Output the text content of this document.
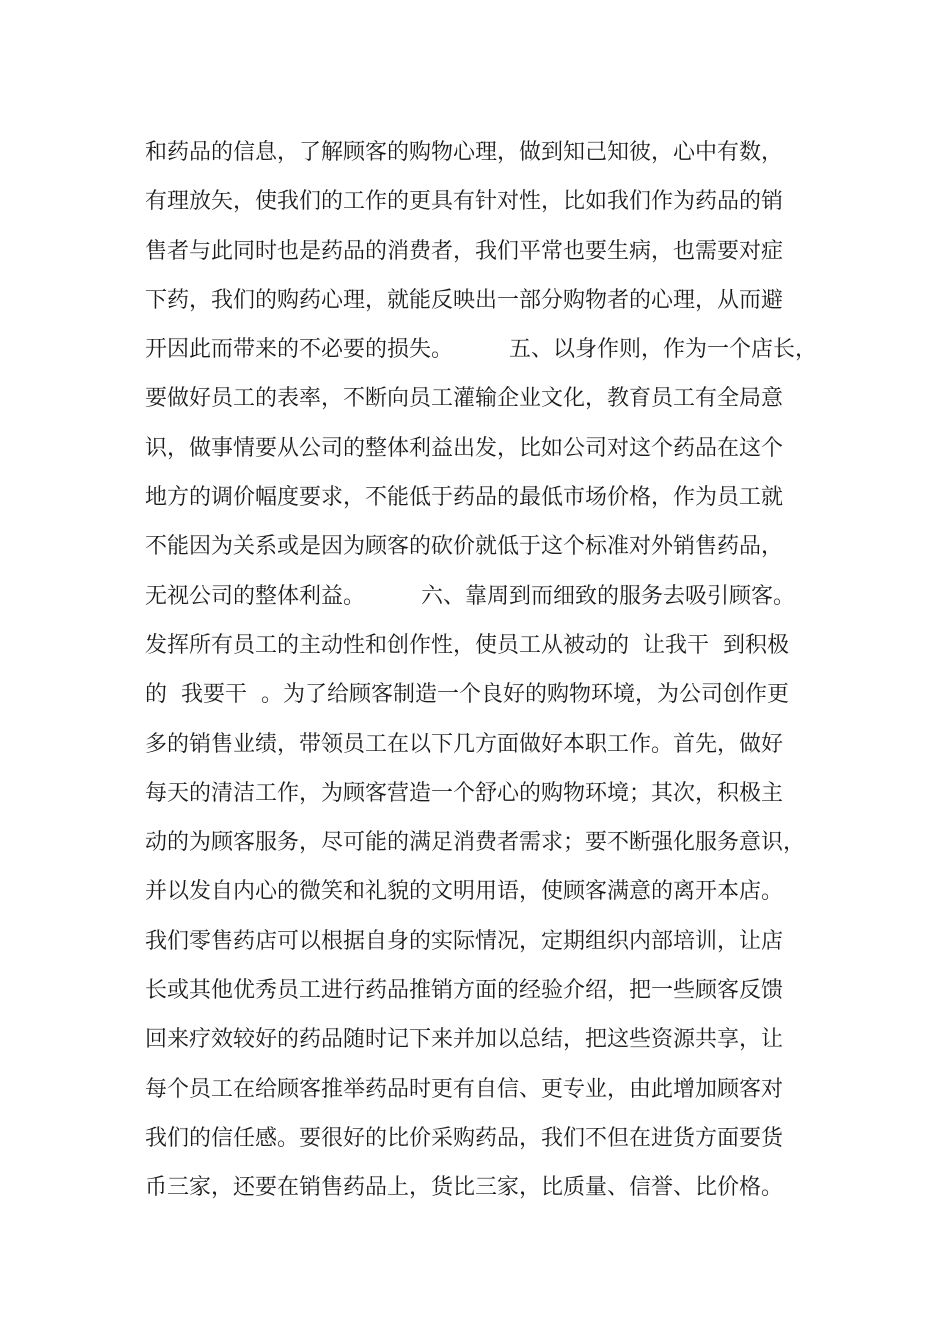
和药品的信息，了解顾客的购物心理，做到知己知彼，心中有数，
有理放矢，使我们的工作的更具有针对性，比如我们作为药品的销
售者与此同时也是药品的消费者，我们平常也要生病，也需要对症
下药，我们的购药心理，就能反映出一部分购物者的心理，从而避
开因此而带来的不必要的损失。        五、以身作则，作为一个店长，
要做好员工的表率，不断向员工灌输企业文化，教育员工有全局意
识，做事情要从公司的整体利益出发，比如公司对这个药品在这个
地方的调价幅度要求，不能低于药品的最低市场价格，作为员工就
不能因为关系或是因为顾客的砍价就低于这个标准对外销售药品，
无视公司的整体利益。        六、靠周到而细致的服务去吸引顾客。
发挥所有员工的主动性和创作性，使员工从被动的  让我干  到积极
的  我要干  。为了给顾客制造一个良好的购物环境，为公司创作更
多的销售业绩，带领员工在以下几方面做好本职工作。首先，做好
每天的清洁工作，为顾客营造一个舒心的购物环境；其次，积极主
动的为顾客服务，尽可能的满足消费者需求；要不断强化服务意识，
并以发自内心的微笑和礼貌的文明用语，使顾客满意的离开本店。
我们零售药店可以根据自身的实际情况，定期组织内部培训，让店
长或其他优秀员工进行药品推销方面的经验介绍，把一些顾客反馈
回来疗效较好的药品随时记下来并加以总结，把这些资源共享，让
每个员工在给顾客推举药品时更有自信、更专业，由此增加顾客对
我们的信任感。要很好的比价采购药品，我们不但在进货方面要货
币三家，还要在销售药品上，货比三家，比质量、信誉、比价格。
